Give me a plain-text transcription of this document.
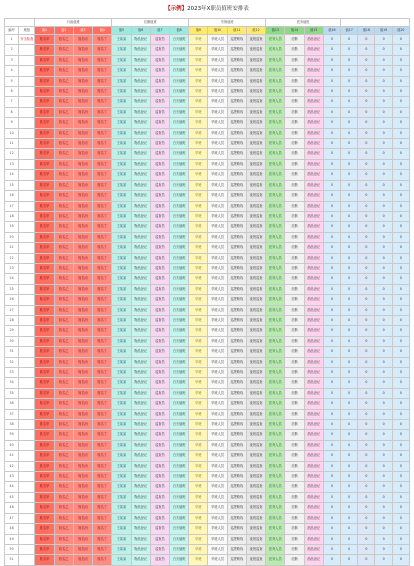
【示例】2023年X职员值班安排表
		行政值班				后勤值班				安保值班				医务值班							
编号	班组	值1	值2	值3	值4	值5	值6	值7	值8	值9	值10	值11	值12	值13	值14	值15	值16	值17	值18	值19	值20
1	安全检查	姓名甲	姓名乙	姓名丙	姓名丁	王某某	物品登记	巡查员	白天值班	早班	早班人员	巡逻路线	夜班巡查	医务人员	后勤	药品登记	0	0	0	0	0
2		姓名甲	姓名乙	姓名丙	姓名丁	王某某	物品登记	巡查员	白天值班	早班	早班人员	巡逻路线	夜班巡查	医务人员	后勤	药品登记	0	0	0	0	0
3		姓名甲	姓名乙	姓名丙	姓名丁	王某某	物品登记	巡查员	白天值班	早班	早班人员	巡逻路线	夜班巡查	医务人员	后勤	药品登记	0	0	0	0	0
4		姓名甲	姓名乙	姓名丙	姓名丁	王某某	物品登记	巡查员	白天值班	早班	早班人员	巡逻路线	夜班巡查	医务人员	后勤	药品登记	0	0	0	0	0
5		姓名甲	姓名乙	姓名丙	姓名丁	王某某	物品登记	巡查员	白天值班	早班	早班人员	巡逻路线	夜班巡查	医务人员	后勤	药品登记	0	0	0	0	0
6		姓名甲	姓名乙	姓名丙	姓名丁	王某某	物品登记	巡查员	白天值班	早班	早班人员	巡逻路线	夜班巡查	医务人员	后勤	药品登记	0	0	0	0	0
7		姓名甲	姓名乙	姓名丙	姓名丁	王某某	物品登记	巡查员	白天值班	早班	早班人员	巡逻路线	夜班巡查	医务人员	后勤	药品登记	0	0	0	0	0
8		姓名甲	姓名乙	姓名丙	姓名丁	王某某	物品登记	巡查员	白天值班	早班	早班人员	巡逻路线	夜班巡查	医务人员	后勤	药品登记	0	0	0	0	0
9		姓名甲	姓名乙	姓名丙	姓名丁	王某某	物品登记	巡查员	白天值班	早班	早班人员	巡逻路线	夜班巡查	医务人员	后勤	药品登记	0	0	0	0	0
10		姓名甲	姓名乙	姓名丙	姓名丁	王某某	物品登记	巡查员	白天值班	早班	早班人员	巡逻路线	夜班巡查	医务人员	后勤	药品登记	0	0	0	0	0
11		姓名甲	姓名乙	姓名丙	姓名丁	王某某	物品登记	巡查员	白天值班	早班	早班人员	巡逻路线	夜班巡查	医务人员	后勤	药品登记	0	0	0	0	0
12		姓名甲	姓名乙	姓名丙	姓名丁	王某某	物品登记	巡查员	白天值班	早班	早班人员	巡逻路线	夜班巡查	医务人员	后勤	药品登记	0	0	0	0	0
13		姓名甲	姓名乙	姓名丙	姓名丁	王某某	物品登记	巡查员	白天值班	早班	早班人员	巡逻路线	夜班巡查	医务人员	后勤	药品登记	0	0	0	0	0
14		姓名甲	姓名乙	姓名丙	姓名丁	王某某	物品登记	巡查员	白天值班	早班	早班人员	巡逻路线	夜班巡查	医务人员	后勤	药品登记	0	0	0	0	0
15		姓名甲	姓名乙	姓名丙	姓名丁	王某某	物品登记	巡查员	白天值班	早班	早班人员	巡逻路线	夜班巡查	医务人员	后勤	药品登记	0	0	0	0	0
16		姓名甲	姓名乙	姓名丙	姓名丁	王某某	物品登记	巡查员	白天值班	早班	早班人员	巡逻路线	夜班巡查	医务人员	后勤	药品登记	0	0	0	0	0
17		姓名甲	姓名乙	姓名丙	姓名丁	王某某	物品登记	巡查员	白天值班	早班	早班人员	巡逻路线	夜班巡查	医务人员	后勤	药品登记	0	0	0	0	0
18		姓名甲	姓名乙	姓名丙	姓名丁	王某某	物品登记	巡查员	白天值班	早班	早班人员	巡逻路线	夜班巡查	医务人员	后勤	药品登记	0	0	0	0	0
19		姓名甲	姓名乙	姓名丙	姓名丁	王某某	物品登记	巡查员	白天值班	早班	早班人员	巡逻路线	夜班巡查	医务人员	后勤	药品登记	0	0	0	0	0
20		姓名甲	姓名乙	姓名丙	姓名丁	王某某	物品登记	巡查员	白天值班	早班	早班人员	巡逻路线	夜班巡查	医务人员	后勤	药品登记	0	0	0	0	0
21		姓名甲	姓名乙	姓名丙	姓名丁	王某某	物品登记	巡查员	白天值班	早班	早班人员	巡逻路线	夜班巡查	医务人员	后勤	药品登记	0	0	0	0	0
22		姓名甲	姓名乙	姓名丙	姓名丁	王某某	物品登记	巡查员	白天值班	早班	早班人员	巡逻路线	夜班巡查	医务人员	后勤	药品登记	0	0	0	0	0
23		姓名甲	姓名乙	姓名丙	姓名丁	王某某	物品登记	巡查员	白天值班	早班	早班人员	巡逻路线	夜班巡查	医务人员	后勤	药品登记	0	0	0	0	0
24		姓名甲	姓名乙	姓名丙	姓名丁	王某某	物品登记	巡查员	白天值班	早班	早班人员	巡逻路线	夜班巡查	医务人员	后勤	药品登记	0	0	0	0	0
25		姓名甲	姓名乙	姓名丙	姓名丁	王某某	物品登记	巡查员	白天值班	早班	早班人员	巡逻路线	夜班巡查	医务人员	后勤	药品登记	0	0	0	0	0
26		姓名甲	姓名乙	姓名丙	姓名丁	王某某	物品登记	巡查员	白天值班	早班	早班人员	巡逻路线	夜班巡查	医务人员	后勤	药品登记	0	0	0	0	0
27		姓名甲	姓名乙	姓名丙	姓名丁	王某某	物品登记	巡查员	白天值班	早班	早班人员	巡逻路线	夜班巡查	医务人员	后勤	药品登记	0	0	0	0	0
28		姓名甲	姓名乙	姓名丙	姓名丁	王某某	物品登记	巡查员	白天值班	早班	早班人员	巡逻路线	夜班巡查	医务人员	后勤	药品登记	0	0	0	0	0
29		姓名甲	姓名乙	姓名丙	姓名丁	王某某	物品登记	巡查员	白天值班	早班	早班人员	巡逻路线	夜班巡查	医务人员	后勤	药品登记	0	0	0	0	0
30		姓名甲	姓名乙	姓名丙	姓名丁	王某某	物品登记	巡查员	白天值班	早班	早班人员	巡逻路线	夜班巡查	医务人员	后勤	药品登记	0	0	0	0	0
31		姓名甲	姓名乙	姓名丙	姓名丁	王某某	物品登记	巡查员	白天值班	早班	早班人员	巡逻路线	夜班巡查	医务人员	后勤	药品登记	0	0	0	0	0
32		姓名甲	姓名乙	姓名丙	姓名丁	王某某	物品登记	巡查员	白天值班	早班	早班人员	巡逻路线	夜班巡查	医务人员	后勤	药品登记	0	0	0	0	0
33		姓名甲	姓名乙	姓名丙	姓名丁	王某某	物品登记	巡查员	白天值班	早班	早班人员	巡逻路线	夜班巡查	医务人员	后勤	药品登记	0	0	0	0	0
34		姓名甲	姓名乙	姓名丙	姓名丁	王某某	物品登记	巡查员	白天值班	早班	早班人员	巡逻路线	夜班巡查	医务人员	后勤	药品登记	0	0	0	0	0
35		姓名甲	姓名乙	姓名丙	姓名丁	王某某	物品登记	巡查员	白天值班	早班	早班人员	巡逻路线	夜班巡查	医务人员	后勤	药品登记	0	0	0	0	0
36		姓名甲	姓名乙	姓名丙	姓名丁	王某某	物品登记	巡查员	白天值班	早班	早班人员	巡逻路线	夜班巡查	医务人员	后勤	药品登记	0	0	0	0	0
37		姓名甲	姓名乙	姓名丙	姓名丁	王某某	物品登记	巡查员	白天值班	早班	早班人员	巡逻路线	夜班巡查	医务人员	后勤	药品登记	0	0	0	0	0
38		姓名甲	姓名乙	姓名丙	姓名丁	王某某	物品登记	巡查员	白天值班	早班	早班人员	巡逻路线	夜班巡查	医务人员	后勤	药品登记	0	0	0	0	0
39		姓名甲	姓名乙	姓名丙	姓名丁	王某某	物品登记	巡查员	白天值班	早班	早班人员	巡逻路线	夜班巡查	医务人员	后勤	药品登记	0	0	0	0	0
40		姓名甲	姓名乙	姓名丙	姓名丁	王某某	物品登记	巡查员	白天值班	早班	早班人员	巡逻路线	夜班巡查	医务人员	后勤	药品登记	0	0	0	0	0
41		姓名甲	姓名乙	姓名丙	姓名丁	王某某	物品登记	巡查员	白天值班	早班	早班人员	巡逻路线	夜班巡查	医务人员	后勤	药品登记	0	0	0	0	0
42		姓名甲	姓名乙	姓名丙	姓名丁	王某某	物品登记	巡查员	白天值班	早班	早班人员	巡逻路线	夜班巡查	医务人员	后勤	药品登记	0	0	0	0	0
43		姓名甲	姓名乙	姓名丙	姓名丁	王某某	物品登记	巡查员	白天值班	早班	早班人员	巡逻路线	夜班巡查	医务人员	后勤	药品登记	0	0	0	0	0
44		姓名甲	姓名乙	姓名丙	姓名丁	王某某	物品登记	巡查员	白天值班	早班	早班人员	巡逻路线	夜班巡查	医务人员	后勤	药品登记	0	0	0	0	0
45		姓名甲	姓名乙	姓名丙	姓名丁	王某某	物品登记	巡查员	白天值班	早班	早班人员	巡逻路线	夜班巡查	医务人员	后勤	药品登记	0	0	0	0	0
46		姓名甲	姓名乙	姓名丙	姓名丁	王某某	物品登记	巡查员	白天值班	早班	早班人员	巡逻路线	夜班巡查	医务人员	后勤	药品登记	0	0	0	0	0
47		姓名甲	姓名乙	姓名丙	姓名丁	王某某	物品登记	巡查员	白天值班	早班	早班人员	巡逻路线	夜班巡查	医务人员	后勤	药品登记	0	0	0	0	0
48		姓名甲	姓名乙	姓名丙	姓名丁	王某某	物品登记	巡查员	白天值班	早班	早班人员	巡逻路线	夜班巡查	医务人员	后勤	药品登记	0	0	0	0	0
49		姓名甲	姓名乙	姓名丙	姓名丁	王某某	物品登记	巡查员	白天值班	早班	早班人员	巡逻路线	夜班巡查	医务人员	后勤	药品登记	0	0	0	0	0
50		姓名甲	姓名乙	姓名丙	姓名丁	王某某	物品登记	巡查员	白天值班	早班	早班人员	巡逻路线	夜班巡查	医务人员	后勤	药品登记	0	0	0	0	0
51		姓名甲	姓名乙	姓名丙	姓名丁	王某某	物品登记	巡查员	白天值班	早班	早班人员	巡逻路线	夜班巡查	医务人员	后勤	药品登记	0	0	0	0	0
